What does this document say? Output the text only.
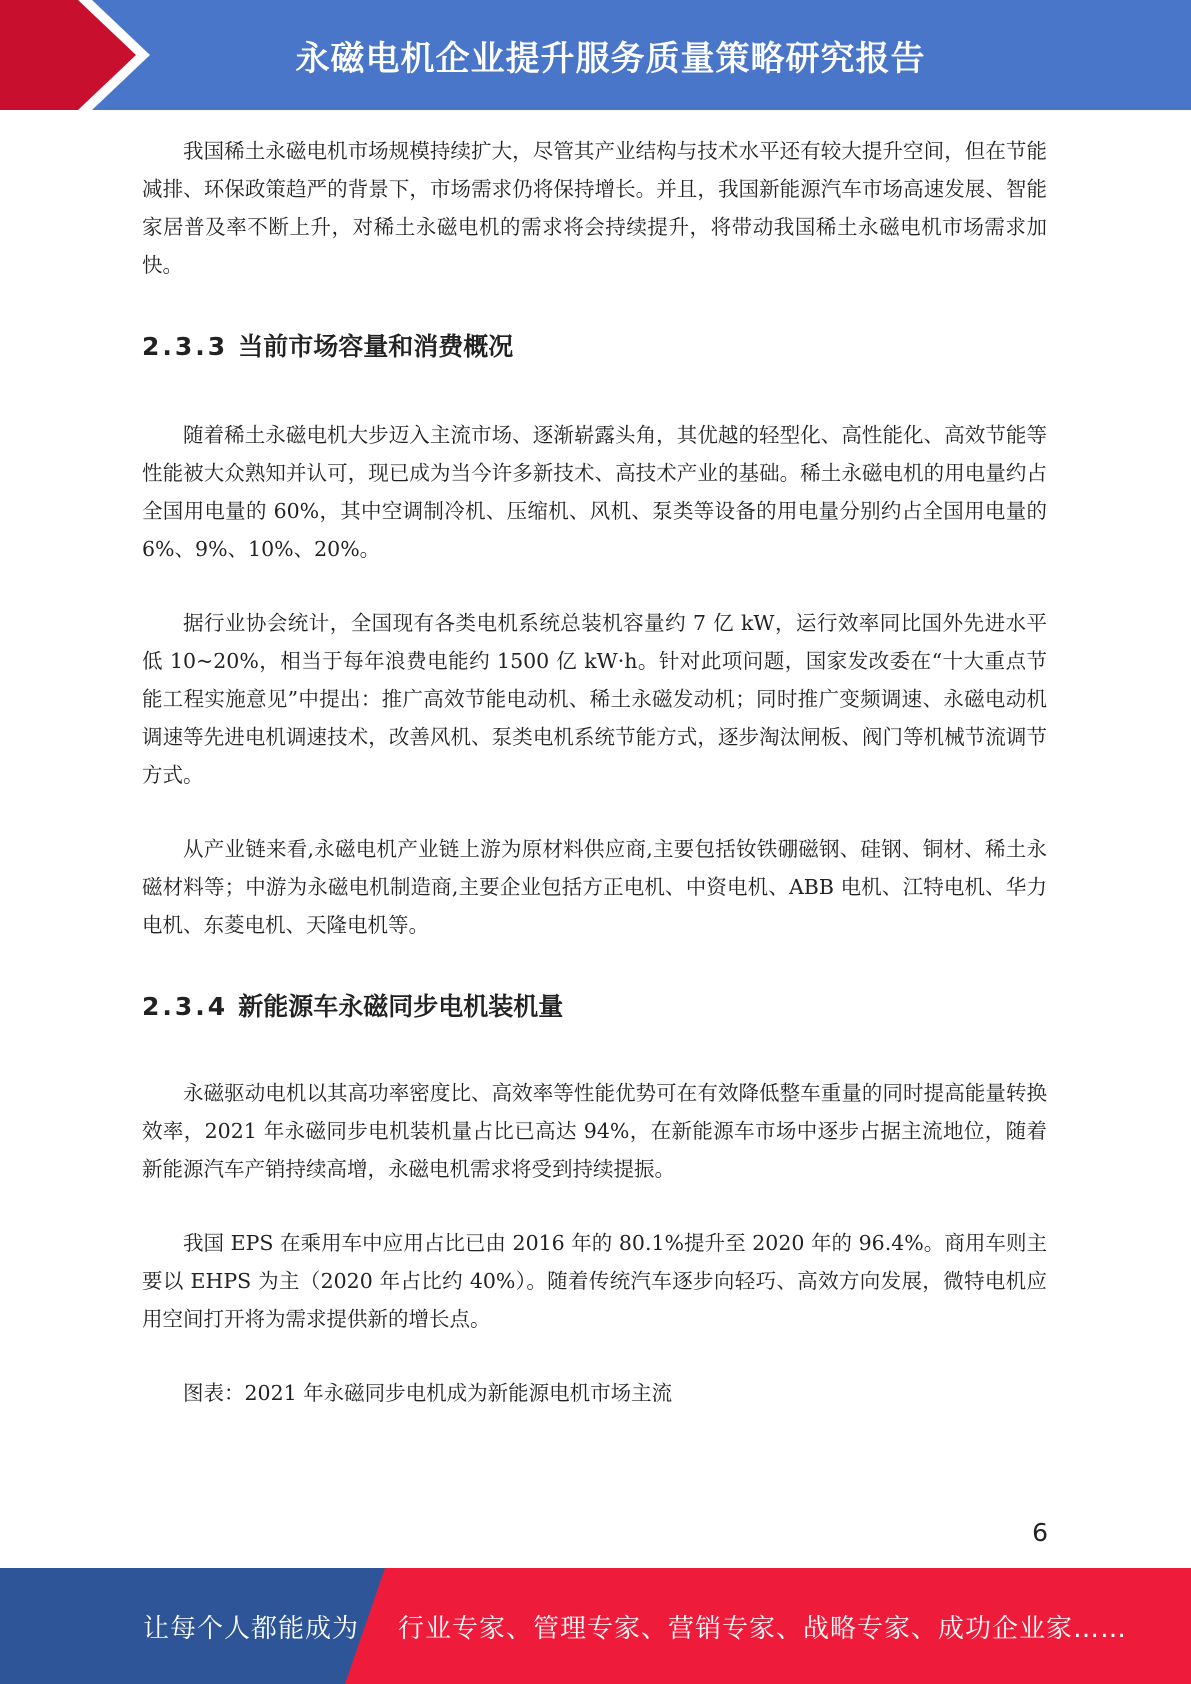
永磁电机企业提升服务质量策略研究报告

我国稀土永磁电机市场规模持续扩大，尽管其产业结构与技术水平还有较大提升空间，但在节能减排、环保政策趋严的背景下，市场需求仍将保持增长。并且，我国新能源汽车市场高速发展、智能家居普及率不断上升，对稀土永磁电机的需求将会持续提升，将带动我国稀土永磁电机市场需求加快。

2.3.3 当前市场容量和消费概况

随着稀土永磁电机大步迈入主流市场、逐渐崭露头角，其优越的轻型化、高性能化、高效节能等性能被大众熟知并认可，现已成为当今许多新技术、高技术产业的基础。稀土永磁电机的用电量约占全国用电量的 60%，其中空调制冷机、压缩机、风机、泵类等设备的用电量分别约占全国用电量的 6%、9%、10%、20%。

据行业协会统计，全国现有各类电机系统总装机容量约 7 亿 kW，运行效率同比国外先进水平低 10~20%，相当于每年浪费电能约 1500 亿 kW·h。针对此项问题，国家发改委在“十大重点节能工程实施意见”中提出：推广高效节能电动机、稀土永磁发动机；同时推广变频调速、永磁电动机调速等先进电机调速技术，改善风机、泵类电机系统节能方式，逐步淘汰闸板、阀门等机械节流调节方式。

从产业链来看,永磁电机产业链上游为原材料供应商,主要包括钕铁硼磁钢、硅钢、铜材、稀土永磁材料等；中游为永磁电机制造商,主要企业包括方正电机、中资电机、ABB 电机、江特电机、华力电机、东菱电机、天隆电机等。

2.3.4 新能源车永磁同步电机装机量

永磁驱动电机以其高功率密度比、高效率等性能优势可在有效降低整车重量的同时提高能量转换效率，2021 年永磁同步电机装机量占比已高达 94%，在新能源车市场中逐步占据主流地位，随着新能源汽车产销持续高增，永磁电机需求将受到持续提振。

我国 EPS 在乘用车中应用占比已由 2016 年的 80.1%提升至 2020 年的 96.4%。商用车则主要以 EHPS 为主（2020 年占比约 40%）。随着传统汽车逐步向轻巧、高效方向发展，微特电机应用空间打开将为需求提供新的增长点。

图表：2021 年永磁同步电机成为新能源电机市场主流

6
让每个人都能成为 行业专家、管理专家、营销专家、战略专家、成功企业家……
